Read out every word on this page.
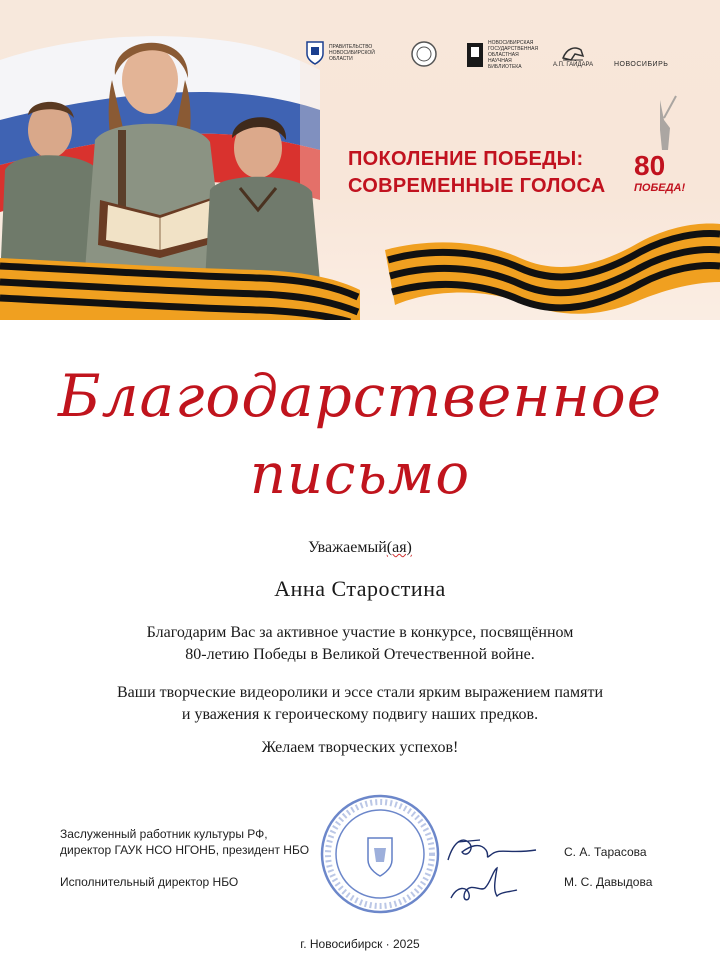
ПРАВИТЕЛЬСТВО
НОВОСИБИРСКОЙ
ОБЛАСТИ
НОВОСИБИРСКАЯ
ГОСУДАРСТВЕННАЯ
ОБЛАСТНАЯ
НАУЧНАЯ
БИБЛИОТЕКА	А.П. ГАЙДАРА	НОВОСИБИРЬ
ПОКОЛЕНИЕ ПОБЕДЫ:
СОВРЕМЕННЫЕ ГОЛОСА
80
ПОБЕДА!
Благодарственное
письмо
Уважаемый(ая)
Анна Старостина
Благодарим Вас за активное участие в конкурсе, посвящённом
80-летию Победы в Великой Отечественной войне.
Ваши творческие видеоролики и эссе стали ярким выражением памяти
и уважения к героическому подвигу наших предков.
Желаем творческих успехов!
Заслуженный работник культуры РФ,
директор ГАУК НСО НГОНБ, президент НБО	С. А. Тарасова
Исполнительный директор НБО	М. С. Давыдова
г. Новосибирск · 2025
